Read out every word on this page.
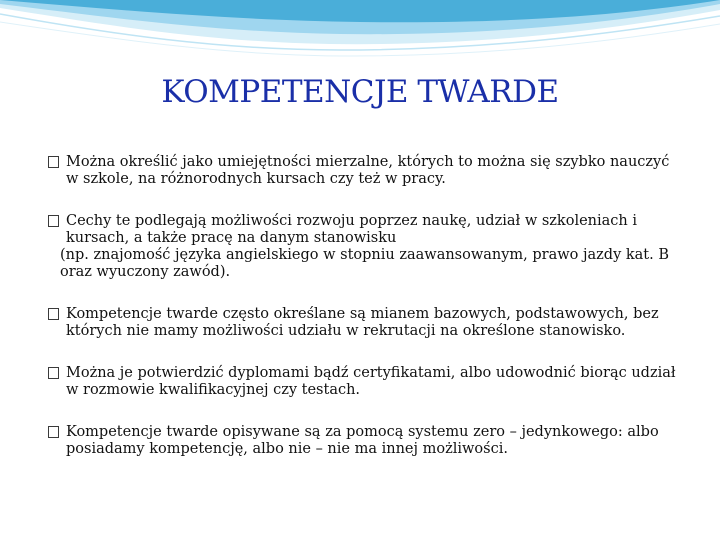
KOMPETENCJE TWARDE
Można określić jako umiejętności mierzalne, których to można się szybko nauczyć w szkole, na różnorodnych kursach czy też w pracy.
Cechy te podlegają możliwości rozwoju poprzez naukę, udział w szkoleniach i kursach, a także pracę na danym stanowisku
(np. znajomość języka angielskiego w stopniu zaawansowanym, prawo jazdy kat. B oraz wyuczony zawód).
Kompetencje twarde często określane są mianem bazowych, podstawowych, bez których nie mamy możliwości udziału w rekrutacji na określone stanowisko.
Można je potwierdzić dyplomami bądź certyfikatami, albo udowodnić biorąc udział w rozmowie kwalifikacyjnej czy testach.
Kompetencje twarde opisywane są za pomocą systemu zero – jedynkowego: albo posiadamy kompetencję, albo nie – nie ma innej możliwości.
